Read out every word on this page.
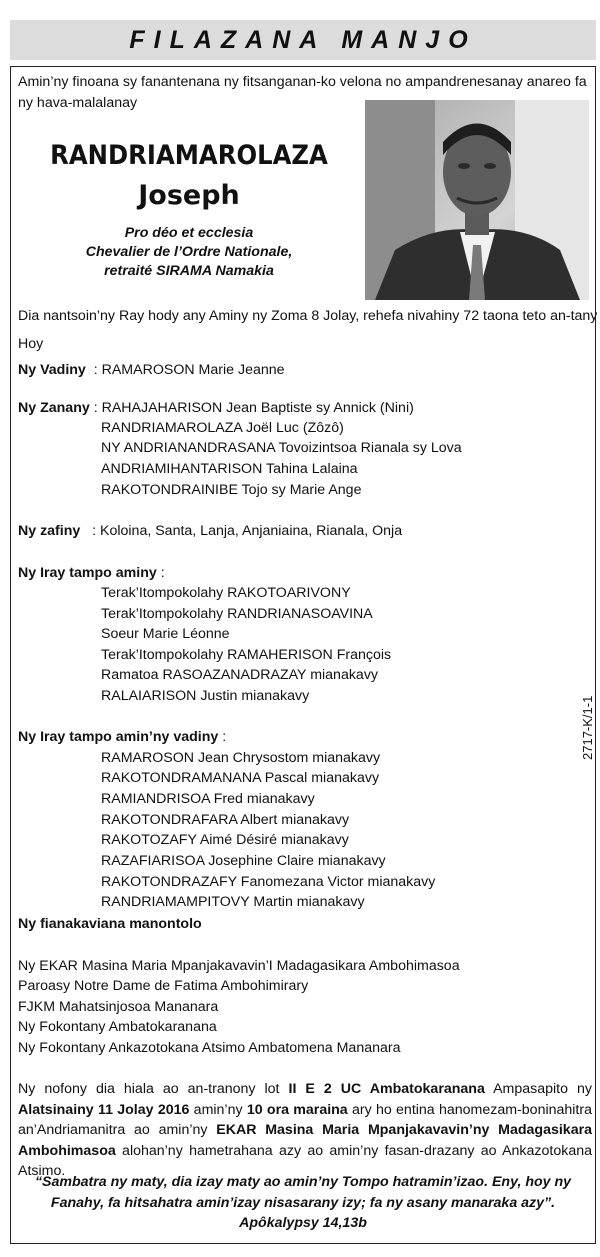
FILAZANA MANJO
Amin’ny finoana sy fanantenana ny fitsanganan-ko velona no ampandrenesanay anareo fa ny hava-malalanay
RANDRIAMAROLAZA
Joseph
Pro déo et ecclesia
Chevalier de l’Ordre Nationale,
retraité SIRAMA Namakia
Dia nantsoin’ny Ray hody any Aminy ny Zoma 8 Jolay, rehefa nivahiny 72 taona teto an-tany
Hoy
Ny Vadiny : RAMAROSON Marie Jeanne
Ny Zanany : RAHAJAHARISON Jean Baptiste sy Annick (Nini)
RANDRIAMAROLAZA Joël Luc (Zôzô)
NY ANDRIANANDRASANA Tovoizintsoa Rianala sy Lova
ANDRIAMIHANTARISON Tahina Lalaina
RAKOTONDRAINIBE Tojo sy Marie Ange
Ny zafiny : Koloina, Santa, Lanja, Anjaniaina, Rianala, Onja
Ny Iray tampo aminy :
Terak’Itompokolahy RAKOTOARIVONY
Terak’Itompokolahy RANDRIANASOAVINA
Soeur Marie Léonne
Terak’Itompokolahy RAMAHERISON François
Ramatoa RASOAZANADRAZAY mianakavy
RALAIARISON Justin mianakavy
Ny Iray tampo amin’ny vadiny :
RAMAROSON Jean Chrysostom mianakavy
RAKOTONDRAMANANA Pascal mianakavy
RAMIANDRISOA Fred mianakavy
RAKOTONDRAFARA Albert mianakavy
RAKOTOZAFY Aimé Désiré mianakavy
RAZAFIARISOA Josephine Claire mianakavy
RAKOTONDRAZAFY Fanomezana Victor mianakavy
RANDRIAMAMPITOVY Martin mianakavy
Ny fianakaviana manontolo
Ny EKAR Masina Maria Mpanjakavavin’I Madagasikara Ambohimasoa
Paroasy Notre Dame de Fatima Ambohimirary
FJKM Mahatsinjosoa Mananara
Ny Fokontany Ambatokaranana
Ny Fokontany Ankazotokana Atsimo Ambatomena Mananara
Ny nofony dia hiala ao an-tranony lot II E 2 UC Ambatokaranana Ampasapito ny Alatsinainy 11 Jolay 2016 amin’ny 10 ora maraina ary ho entina hanomezam-boninahitra an’Andriamanitra ao amin’ny EKAR Masina Maria Mpanjakavavin’ny Madagasikara Ambohimasoa alohan’ny hametrahana azy ao amin’ny fasan-drazany ao Ankazotokana Atsimo.
“Sambatra ny maty, dia izay maty ao amin’ny Tompo hatramin’izao. Eny, hoy ny Fanahy, fa hitsahatra amin’izay nisasarany izy; fa ny asany manaraka azy”.
Apôkalypsy 14,13b
2717-K/1-1
